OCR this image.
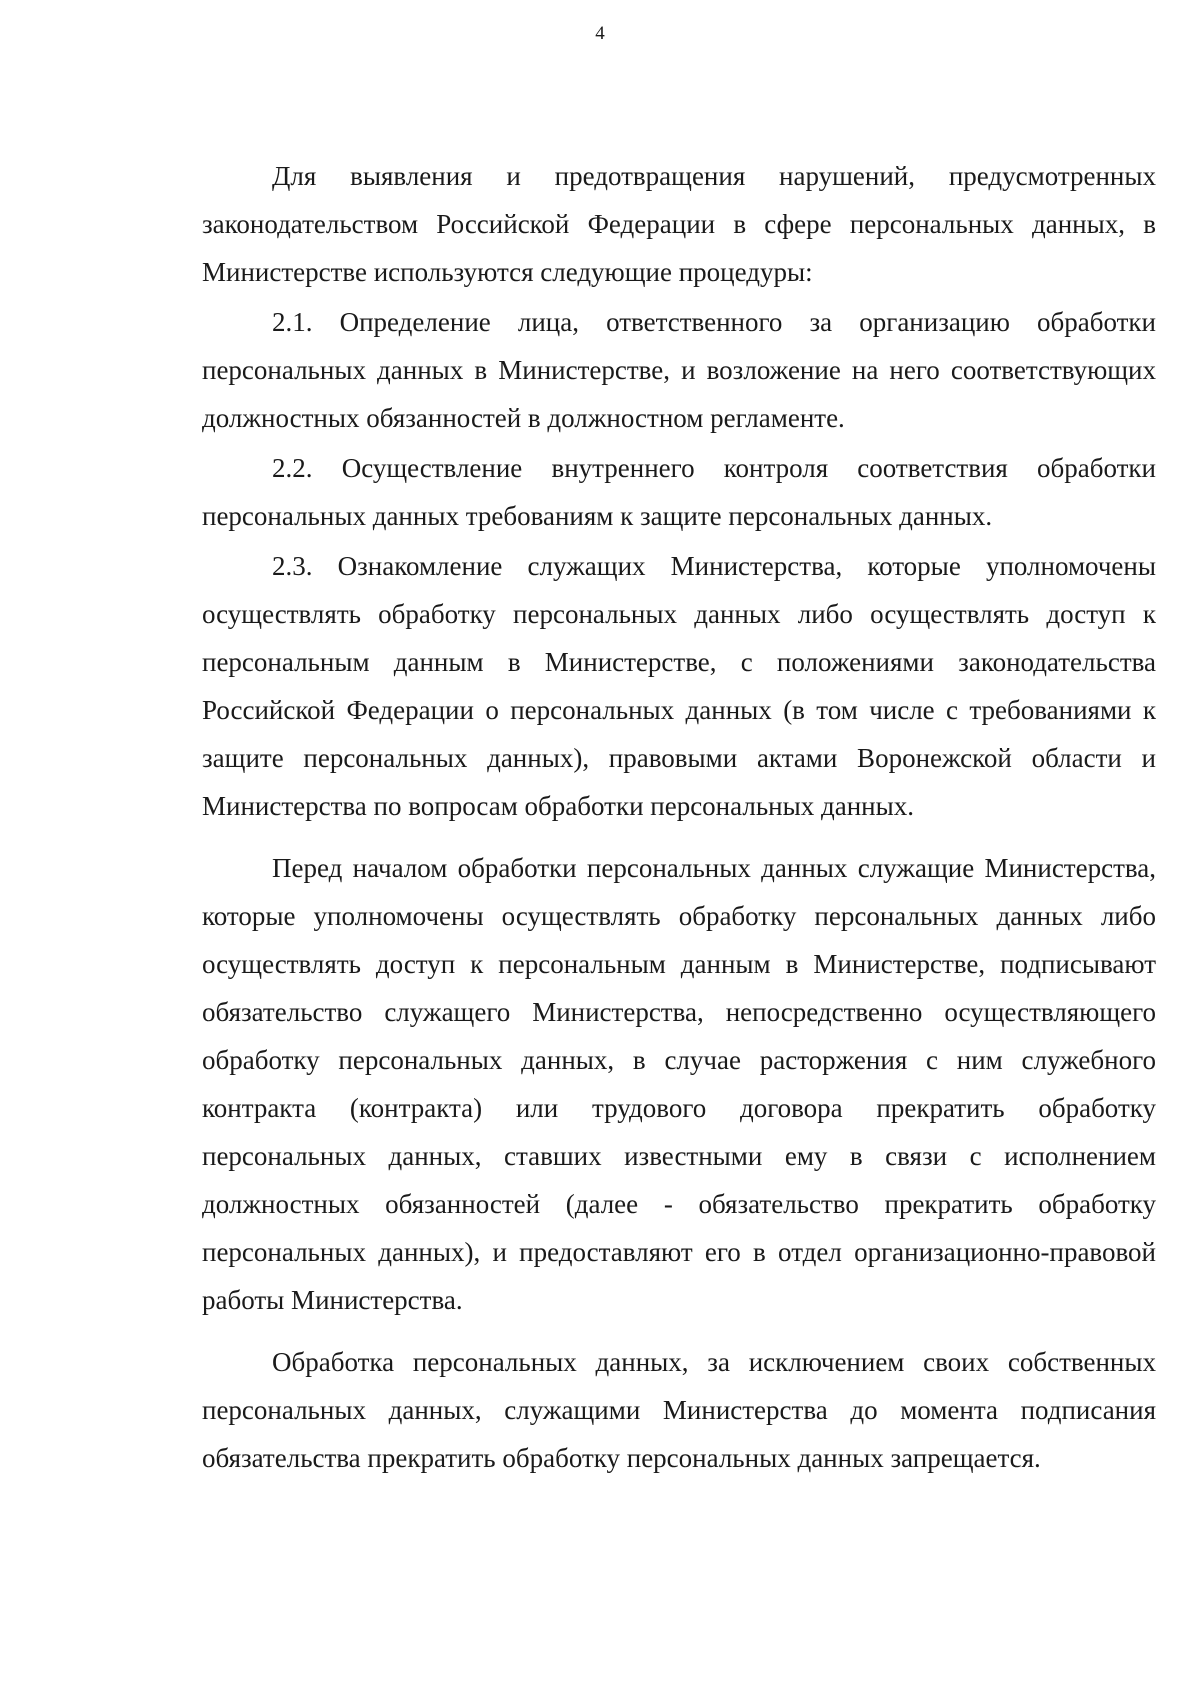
4

Для выявления и предотвращения нарушений, предусмотренных законодательством Российской Федерации в сфере персональных данных, в Министерстве используются следующие процедуры:

2.1. Определение лица, ответственного за организацию обработки персональных данных в Министерстве, и возложение на него соответствующих должностных обязанностей в должностном регламенте.

2.2. Осуществление внутреннего контроля соответствия обработки персональных данных требованиям к защите персональных данных.

2.3. Ознакомление служащих Министерства, которые уполномочены осуществлять обработку персональных данных либо осуществлять доступ к персональным данным в Министерстве, с положениями законодательства Российской Федерации о персональных данных (в том числе с требованиями к защите персональных данных), правовыми актами Воронежской области и Министерства по вопросам обработки персональных данных.

Перед началом обработки персональных данных служащие Министерства, которые уполномочены осуществлять обработку персональных данных либо осуществлять доступ к персональным данным в Министерстве, подписывают обязательство служащего Министерства, непосредственно осуществляющего обработку персональных данных, в случае расторжения с ним служебного контракта (контракта) или трудового договора прекратить обработку персональных данных, ставших известными ему в связи с исполнением должностных обязанностей (далее - обязательство прекратить обработку персональных данных), и предоставляют его в отдел организационно-правовой работы Министерства.

Обработка персональных данных, за исключением своих собственных персональных данных, служащими Министерства до момента подписания обязательства прекратить обработку персональных данных запрещается.
